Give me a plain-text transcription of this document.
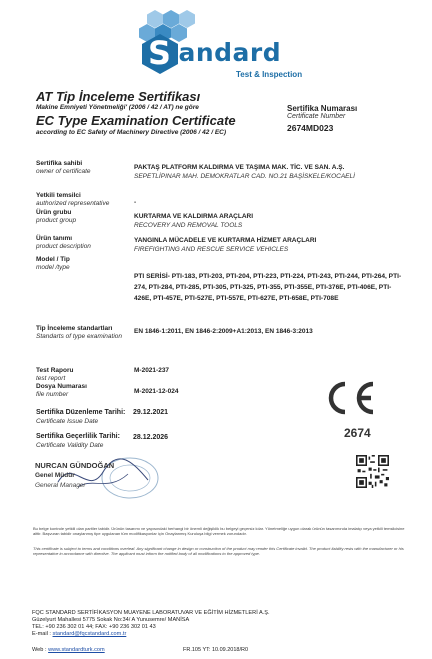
S
tandard
Test & Inspection
AT Tip İnceleme Sertifikası
Makine Emniyeti Yönetmeliği' (2006 / 42 / AT) ne göre
EC Type Examination Certificate
according to EC Safety of Machinery Directive (2006 / 42 / EC)
Sertifika Numarası
Certificate Number
2674MD023
Sertifika sahibi
owner of certificate
PAKTAŞ PLATFORM KALDIRMA VE TAŞIMA MAK. TİC. VE SAN. A.Ş.
SEPETLİPINAR MAH. DEMOKRATLAR CAD. NO.21 BAŞİSKELE/KOCAELİ
Yetkili temsilci
authorized representative	-
Ürün grubu
product group
KURTARMA VE KALDIRMA ARAÇLARI
RECOVERY AND REMOVAL TOOLS
Ürün tanımı
product description
YANGINLA MÜCADELE VE KURTARMA HİZMET ARAÇLARI
FIREFIGHTING AND RESCUE SERVICE VEHICLES
Model / Tip
model /type
PTI SERİSİ- PTI-183, PTI-203, PTI-204, PTI-223, PTI-224, PTI-243, PTI-244, PTI-264, PTI-274, PTI-284, PTI-285, PTI-305, PTI-325, PTI-355, PTI-355E, PTI-376E, PTI-406E, PTI-426E, PTI-457E, PTI-527E, PTI-557E, PTI-627E, PTI-658E, PTI-708E
Tip İnceleme standartları
Standarts of type examination
EN 1846-1:2011, EN 1846-2:2009+A1:2013, EN 1846-3:2013
Test Raporu
test report
M-2021-237
Dosya Numarası
file number	M-2021-12-024
Sertifika Düzenleme Tarihi:
Certificate Issue Date
29.12.2021
Sertifika Geçerlilik Tarihi:
Certificate Validity Date
28.12.2026	2674
NURCAN GÜNDOĞAN
Genel Müdür
General Manager
Bu belge kontrole yetkili olan partiler tabidir. Ürünün tasarımı ve yapısındaki herhangi bir önemli değişiklik bu belgeyi geçersiz kılar. Yönetmeliğe uygun olarak ürünün tasarımında imalatçı veya yetkili temsilcisine aittir. Başvuran tabidir onaylanmış tipe uygulanan tüm modifikasyonlar için Onaylanmış Kuruluşa bilgi vermek zorundadır.
This certificate is subject to terms and conditions overleaf. Any significant change in design or construction of the product may render this Certificate invalid. The product liability rests with the manufacturer or his representative in accordance with directive. The applicant must inform the notified body of all modifications to the approved type.
FQC STANDARD SERTİFİKASYON MUAYENE LABORATUVAR VE EĞİTİM HİZMETLERİ A.Ş.
Güzelyurt Mahallesi 5775 Sokak No:34/ A Yunusemre/ MANİSA
TEL: +90 236 302 01 44; FAX: +90 236 302 01 43
E-mail : standard@fqcstandard.com.tr
Web : www.standardturk.com	FR.105 YT: 10.09.2018/R0
